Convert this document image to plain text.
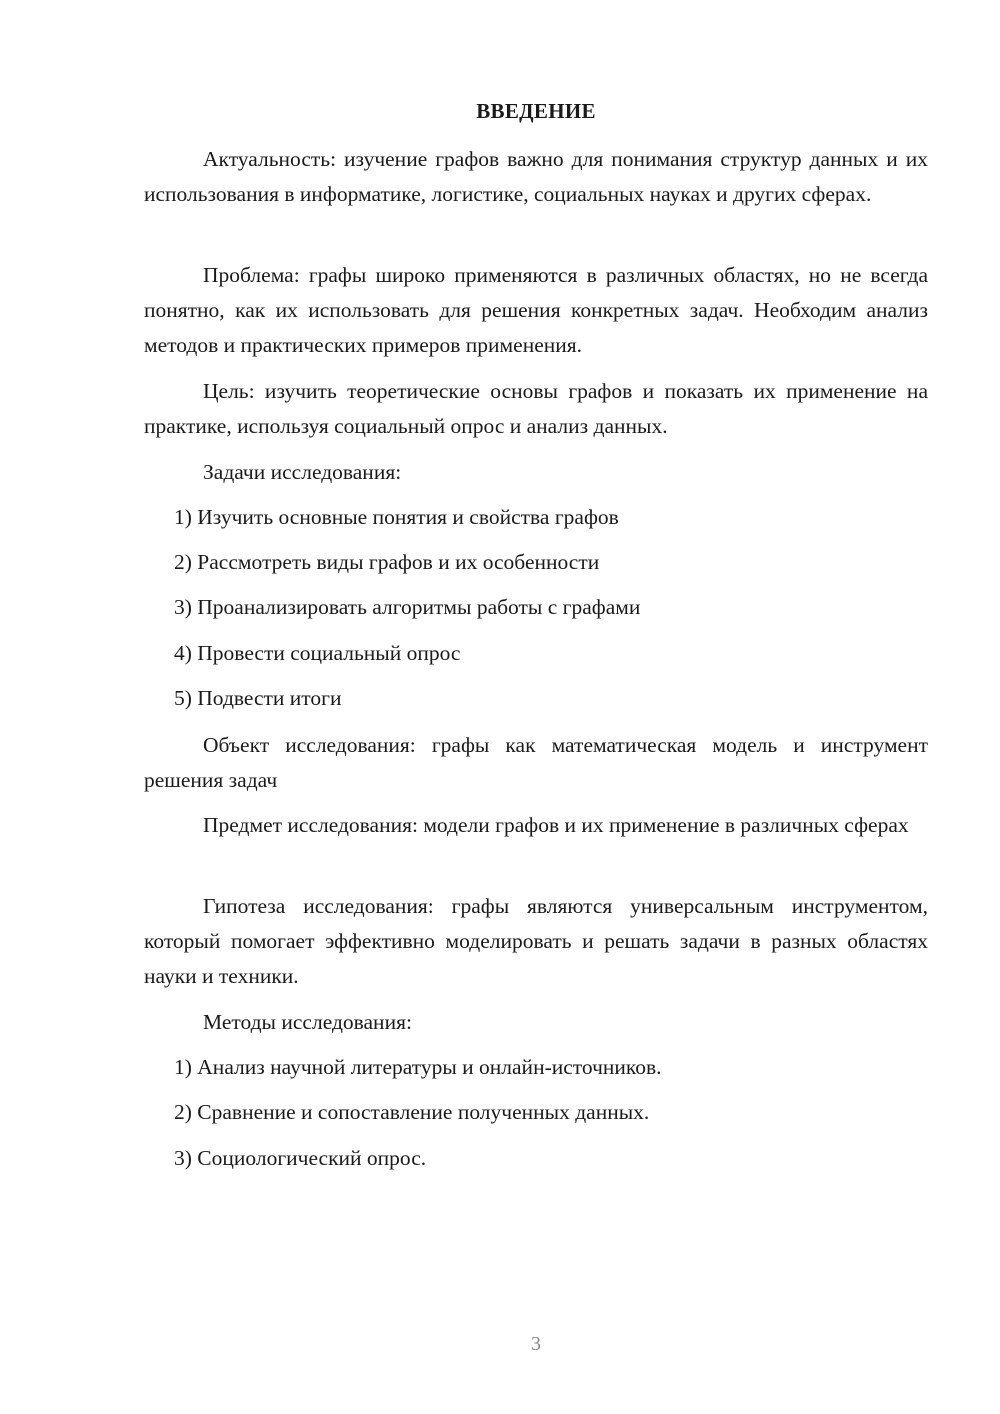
ВВЕДЕНИЕ

Актуальность: изучение графов важно для понимания структур данных и их использования в информатике, логистике, социальных науках и других сферах.

Проблема: графы широко применяются в различных областях, но не всегда понятно, как их использовать для решения конкретных задач. Необходим анализ методов и практических примеров применения.

Цель: изучить теоретические основы графов и показать их применение на практике, используя социальный опрос и анализ данных.

Задачи исследования:

1) Изучить основные понятия и свойства графов

2) Рассмотреть виды графов и их особенности

3) Проанализировать алгоритмы работы с графами

4) Провести социальный опрос

5) Подвести итоги

Объект исследования: графы как математическая модель и инструмент решения задач

Предмет исследования: модели графов и их применение в различных сферах

Гипотеза исследования: графы являются универсальным инструментом, который помогает эффективно моделировать и решать задачи в разных областях науки и техники.

Методы исследования:

1) Анализ научной литературы и онлайн-источников.

2) Сравнение и сопоставление полученных данных.

3) Социологический опрос.

3
